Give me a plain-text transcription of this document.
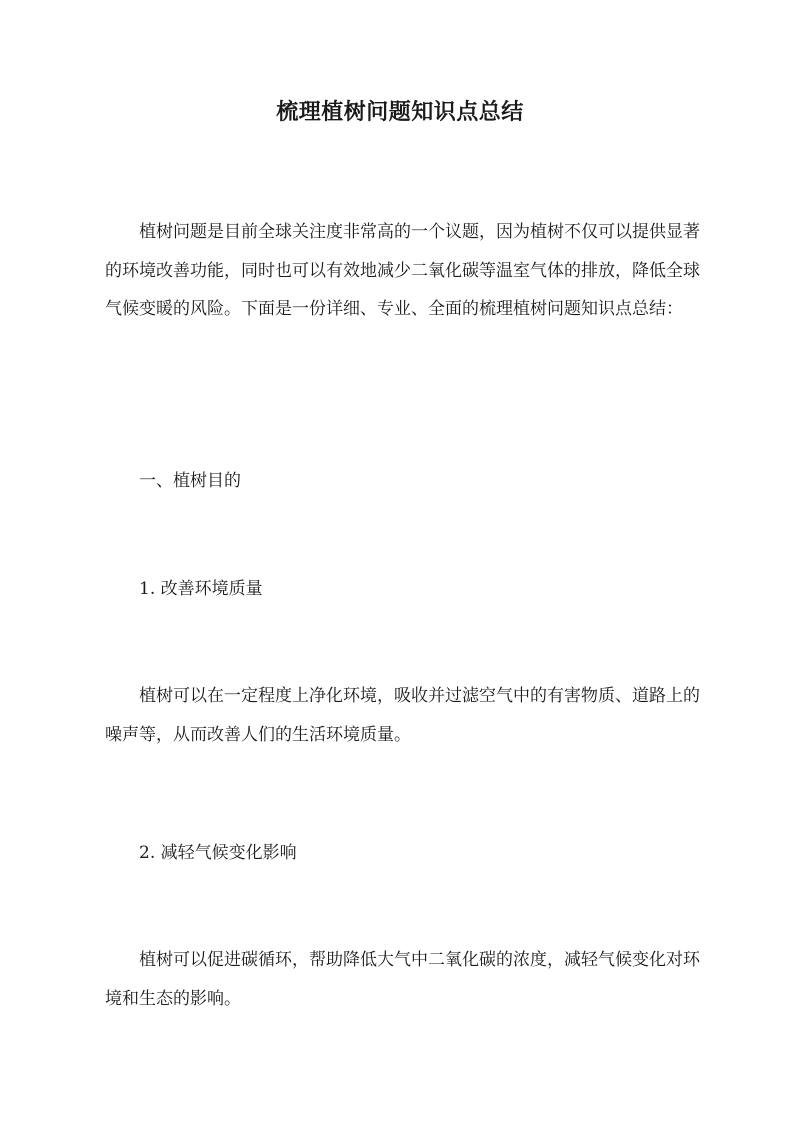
梳理植树问题知识点总结

植树问题是目前全球关注度非常高的一个议题，因为植树不仅可以提供显著的环境改善功能，同时也可以有效地减少二氧化碳等温室气体的排放，降低全球气候变暖的风险。下面是一份详细、专业、全面的梳理植树问题知识点总结：

一、植树目的

1. 改善环境质量

植树可以在一定程度上净化环境，吸收并过滤空气中的有害物质、道路上的噪声等，从而改善人们的生活环境质量。

2. 减轻气候变化影响

植树可以促进碳循环，帮助降低大气中二氧化碳的浓度，减轻气候变化对环境和生态的影响。
